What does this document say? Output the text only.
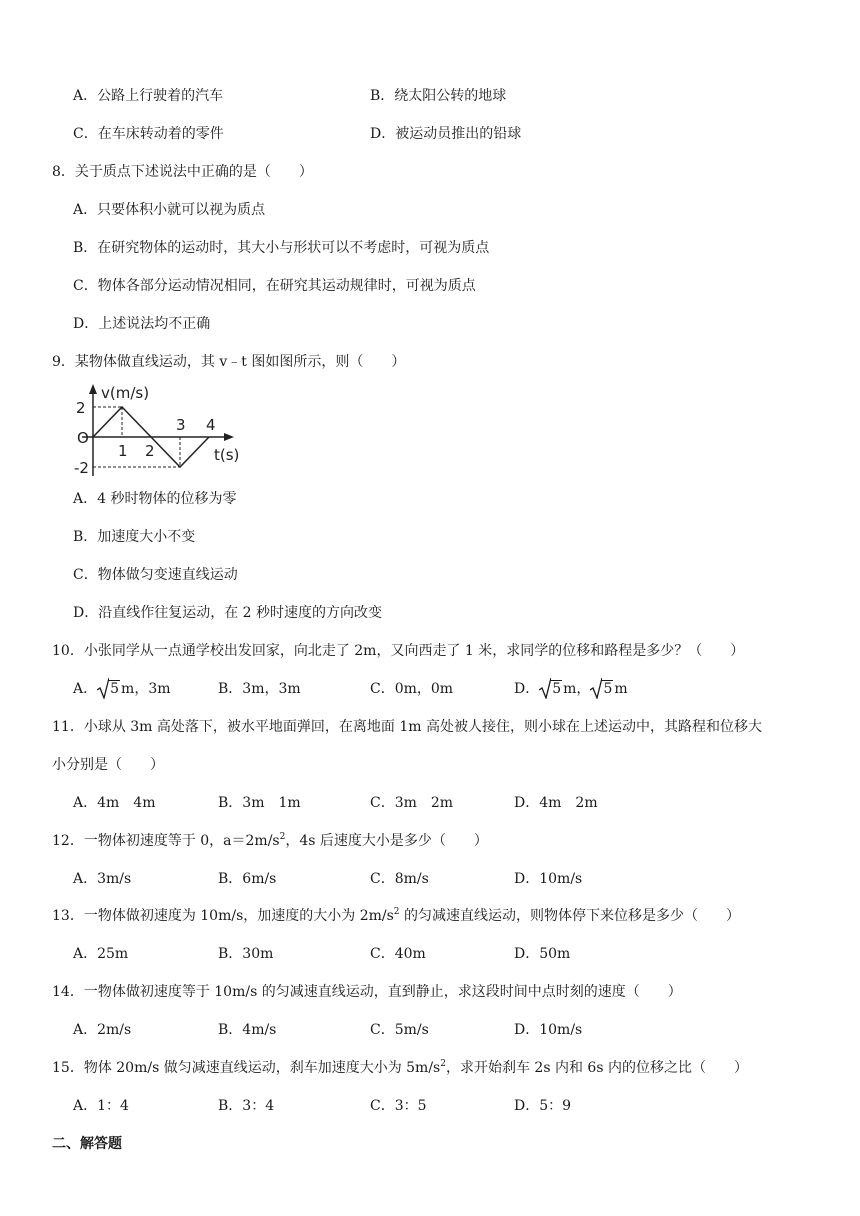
A．公路上行驶着的汽车	B．绕太阳公转的地球
C．在车床转动着的零件	D．被运动员推出的铅球
8．关于质点下述说法中正确的是（　　）
A．只要体积小就可以视为质点
B．在研究物体的运动时，其大小与形状可以不考虑时，可视为质点
C．物体各部分运动情况相同，在研究其运动规律时，可视为质点
D．上述说法均不正确
9．某物体做直线运动，其 v﹣t 图如图所示，则（　　）
v(m/s)
t(s)
O
2
-2
1 2
3 4
A．4 秒时物体的位移为零
B．加速度大小不变
C．物体做匀变速直线运动
D．沿直线作往复运动，在 2 秒时速度的方向改变
10．小张同学从一点通学校出发回家，向北走了 2m，又向西走了 1 米，求同学的位移和路程是多少？（　　）
A． 5 m，3m	B．3m，3m	C．0m，0m	D． 5 m， 5 m
11．小球从 3m 高处落下，被水平地面弹回，在离地面 1m 高处被人接住，则小球在上述运动中，其路程和位移大
小分别是（　　）
A．4m　4m	B．3m　1m	C．3m　2m	D．4m　2m
12．一物体初速度等于 0，$a=2m/s^2$，4s 后速度大小是多少（　　）
A．3m/s	B．6m/s	C．8m/s	D．10m/s
13．一物体做初速度为 10m/s，加速度的大小为 $2m/s^2$ 的匀减速直线运动，则物体停下来位移是多少（　　）
A．25m	B．30m	C．40m	D．50m
14．一物体做初速度等于 10m/s 的匀减速直线运动，直到静止，求这段时间中点时刻的速度（　　）
A．2m/s	B．4m/s	C．5m/s	D．10m/s
15．物体 20m/s 做匀减速直线运动，刹车加速度大小为 $5m/s^2$，求开始刹车 2s 内和 6s 内的位移之比（　　）
A．1：4	B．3：4	C．3：5	D．5：9
二、解答题
